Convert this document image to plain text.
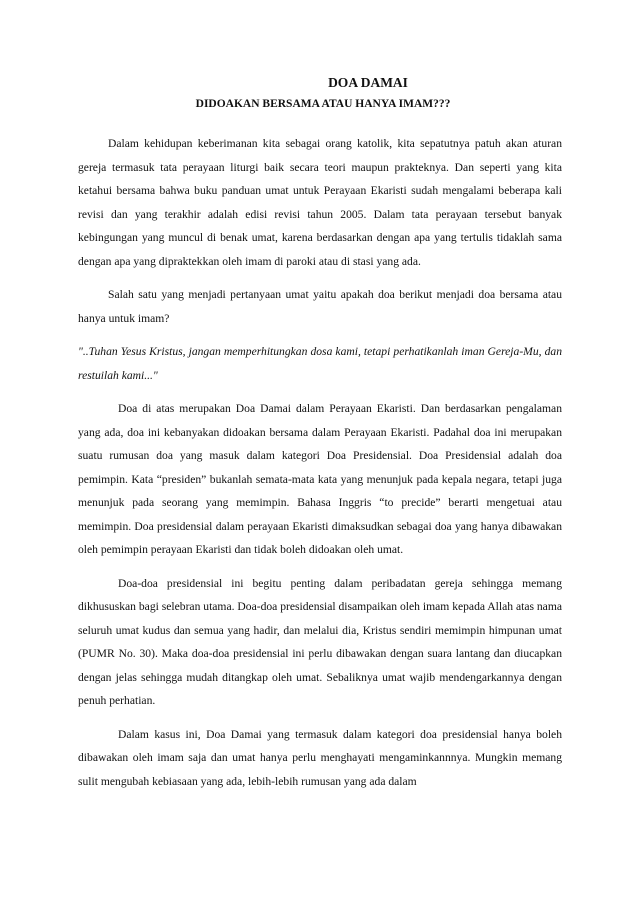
DOA DAMAI
DIDOAKAN BERSAMA ATAU HANYA IMAM???

Dalam kehidupan keberimanan kita sebagai orang katolik, kita sepatutnya patuh akan aturan gereja termasuk tata perayaan liturgi baik secara teori maupun prakteknya. Dan seperti yang kita ketahui bersama bahwa buku panduan umat untuk Perayaan Ekaristi sudah mengalami beberapa kali revisi dan yang terakhir adalah edisi revisi tahun 2005. Dalam tata perayaan tersebut banyak kebingungan yang muncul di benak umat, karena berdasarkan dengan apa yang tertulis tidaklah sama dengan apa yang dipraktekkan oleh imam di paroki atau di stasi yang ada.

Salah satu yang menjadi pertanyaan umat yaitu apakah doa berikut menjadi doa bersama atau hanya untuk imam?

"..Tuhan Yesus Kristus, jangan memperhitungkan dosa kami, tetapi perhatikanlah iman Gereja-Mu, dan restuilah kami..."

Doa di atas merupakan Doa Damai dalam Perayaan Ekaristi. Dan berdasarkan pengalaman yang ada, doa ini kebanyakan didoakan bersama dalam Perayaan Ekaristi. Padahal doa ini merupakan suatu rumusan doa yang masuk dalam kategori Doa Presidensial. Doa Presidensial adalah doa pemimpin. Kata “presiden” bukanlah semata-mata kata yang menunjuk pada kepala negara, tetapi juga menunjuk pada seorang yang memimpin. Bahasa Inggris “to precide” berarti mengetuai atau memimpin. Doa presidensial dalam perayaan Ekaristi dimaksudkan sebagai doa yang hanya dibawakan oleh pemimpin perayaan Ekaristi dan tidak boleh didoakan oleh umat.

Doa-doa presidensial ini begitu penting dalam peribadatan gereja sehingga memang dikhususkan bagi selebran utama. Doa-doa presidensial disampaikan oleh imam kepada Allah atas nama seluruh umat kudus dan semua yang hadir, dan melalui dia, Kristus sendiri memimpin himpunan umat (PUMR No. 30). Maka doa-doa presidensial ini perlu dibawakan dengan suara lantang dan diucapkan dengan jelas sehingga mudah ditangkap oleh umat. Sebaliknya umat wajib mendengarkannya dengan penuh perhatian.

Dalam kasus ini, Doa Damai yang termasuk dalam kategori doa presidensial hanya boleh dibawakan oleh imam saja dan umat hanya perlu menghayati mengaminkannnya. Mungkin memang sulit mengubah kebiasaan yang ada, lebih-lebih rumusan yang ada dalam
